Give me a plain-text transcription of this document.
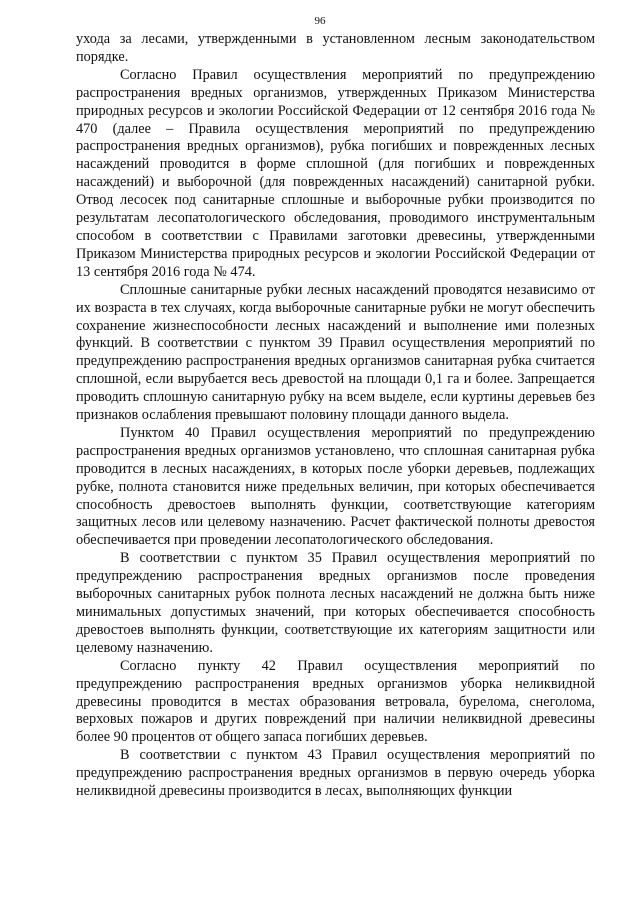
96

ухода за лесами, утвержденными в установленном лесным законодательством порядке.

Согласно Правил осуществления мероприятий по предупреждению распространения вредных организмов, утвержденных Приказом Министерства природных ресурсов и экологии Российской Федерации от 12 сентября 2016 года № 470 (далее – Правила осуществления мероприятий по предупреждению распространения вредных организмов), рубка погибших и поврежденных лесных насаждений проводится в форме сплошной (для погибших и поврежденных насаждений) и выборочной (для поврежденных насаждений) санитарной рубки. Отвод лесосек под санитарные сплошные и выборочные рубки производится по результатам лесопатологического обследования, проводимого инструментальным способом в соответствии с Правилами заготовки древесины, утвержденными Приказом Министерства природных ресурсов и экологии Российской Федерации от 13 сентября 2016 года № 474.

Сплошные санитарные рубки лесных насаждений проводятся независимо от их возраста в тех случаях, когда выборочные санитарные рубки не могут обеспечить сохранение жизнеспособности лесных насаждений и выполнение ими полезных функций. В соответствии с пунктом 39 Правил осуществления мероприятий по предупреждению распространения вредных организмов санитарная рубка считается сплошной, если вырубается весь древостой на площади 0,1 га и более. Запрещается проводить сплошную санитарную рубку на всем выделе, если куртины деревьев без признаков ослабления превышают половину площади данного выдела.

Пунктом 40 Правил осуществления мероприятий по предупреждению распространения вредных организмов установлено, что сплошная санитарная рубка проводится в лесных насаждениях, в которых после уборки деревьев, подлежащих рубке, полнота становится ниже предельных величин, при которых обеспечивается способность древостоев выполнять функции, соответствующие категориям защитных лесов или целевому назначению. Расчет фактической полноты древостоя обеспечивается при проведении лесопатологического обследования.

В соответствии с пунктом 35 Правил осуществления мероприятий по предупреждению распространения вредных организмов после проведения выборочных санитарных рубок полнота лесных насаждений не должна быть ниже минимальных допустимых значений, при которых обеспечивается способность древостоев выполнять функции, соответствующие их категориям защитности или целевому назначению.

Согласно пункту 42 Правил осуществления мероприятий по предупреждению распространения вредных организмов уборка неликвидной древесины проводится в местах образования ветровала, бурелома, снеголома, верховых пожаров и других повреждений при наличии неликвидной древесины более 90 процентов от общего запаса погибших деревьев.

В соответствии с пунктом 43 Правил осуществления мероприятий по предупреждению распространения вредных организмов в первую очередь уборка неликвидной древесины производится в лесах, выполняющих функции
